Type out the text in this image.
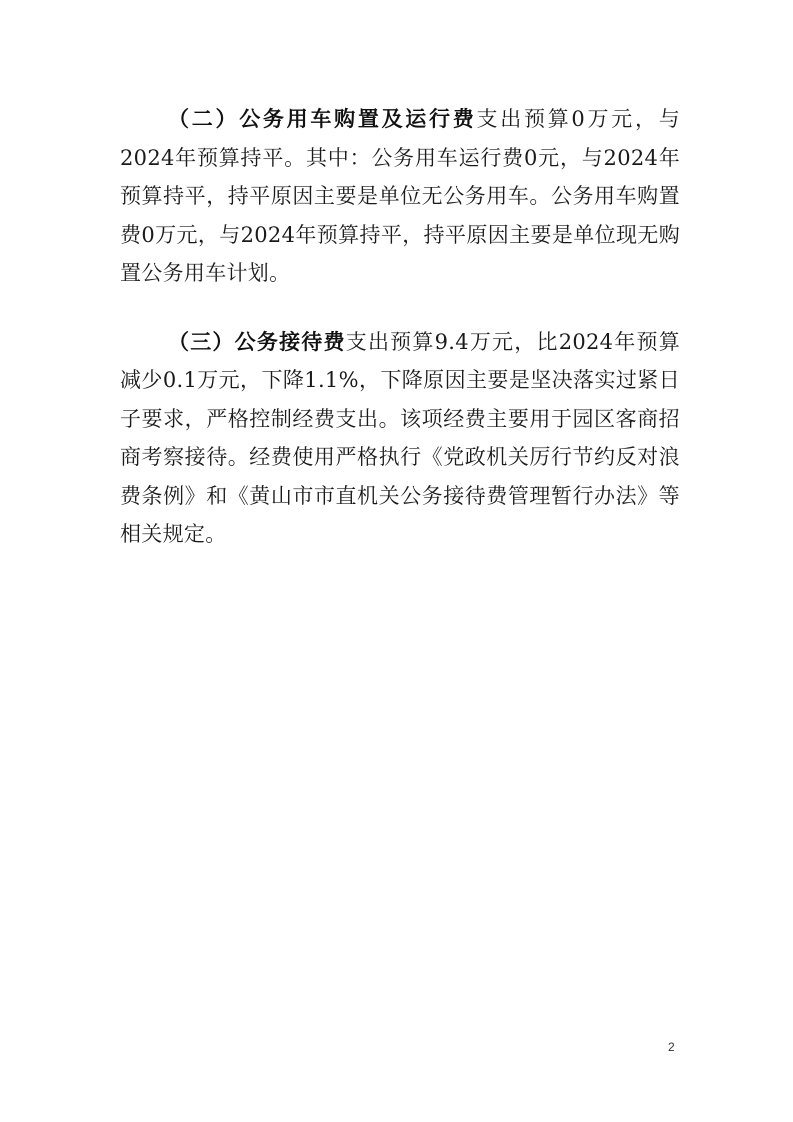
（二）公务用车购置及运行费支出预算0万元，与2024年预算持平。其中：公务用车运行费0元，与2024年预算持平，持平原因主要是单位无公务用车。公务用车购置费0万元，与2024年预算持平，持平原因主要是单位现无购置公务用车计划。

（三）公务接待费支出预算9.4万元，比2024年预算减少0.1万元，下降1.1%，下降原因主要是坚决落实过紧日子要求，严格控制经费支出。该项经费主要用于园区客商招商考察接待。经费使用严格执行《党政机关厉行节约反对浪费条例》和《黄山市市直机关公务接待费管理暂行办法》等相关规定。

2
